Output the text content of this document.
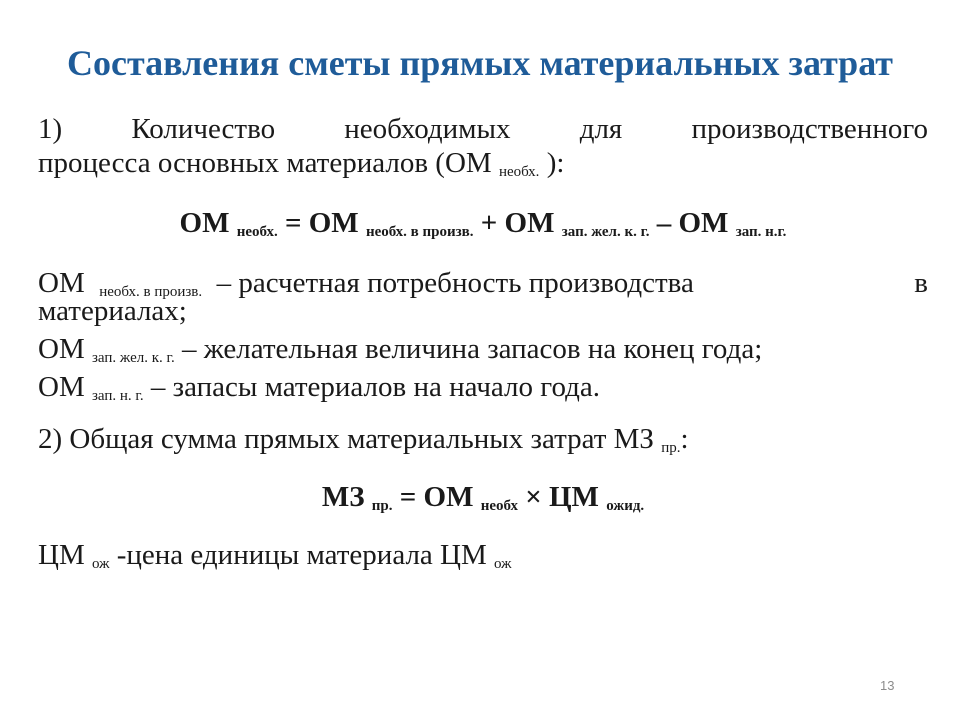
Составления сметы прямых материальных затрат
1) Количество необходимых для производственного
процесса основных материалов (ОМ $_{необх.}$ ):
ОМ $_{необх.}$ = ОМ $_{необх. в произв.}$ + ОМ $_{зап. жел. к. г.}$ – ОМ $_{зап. н.г.}$
ОМ $_{необх. в произв.}$ – расчетная потребность производства	в
материалах;
ОМ $_{зап. жел. к. г.}$ – желательная величина запасов на конец года;
ОМ $_{зап. н. г.}$ – запасы материалов на начало года.
2) Общая сумма прямых материальных затрат МЗ $_{пр.}$:
МЗ $_{пр.}$ = ОМ $_{необх}$ × ЦМ $_{ожид.}$
ЦМ $_{ож}$ -цена единицы материала ЦМ $_{ож}$
13
